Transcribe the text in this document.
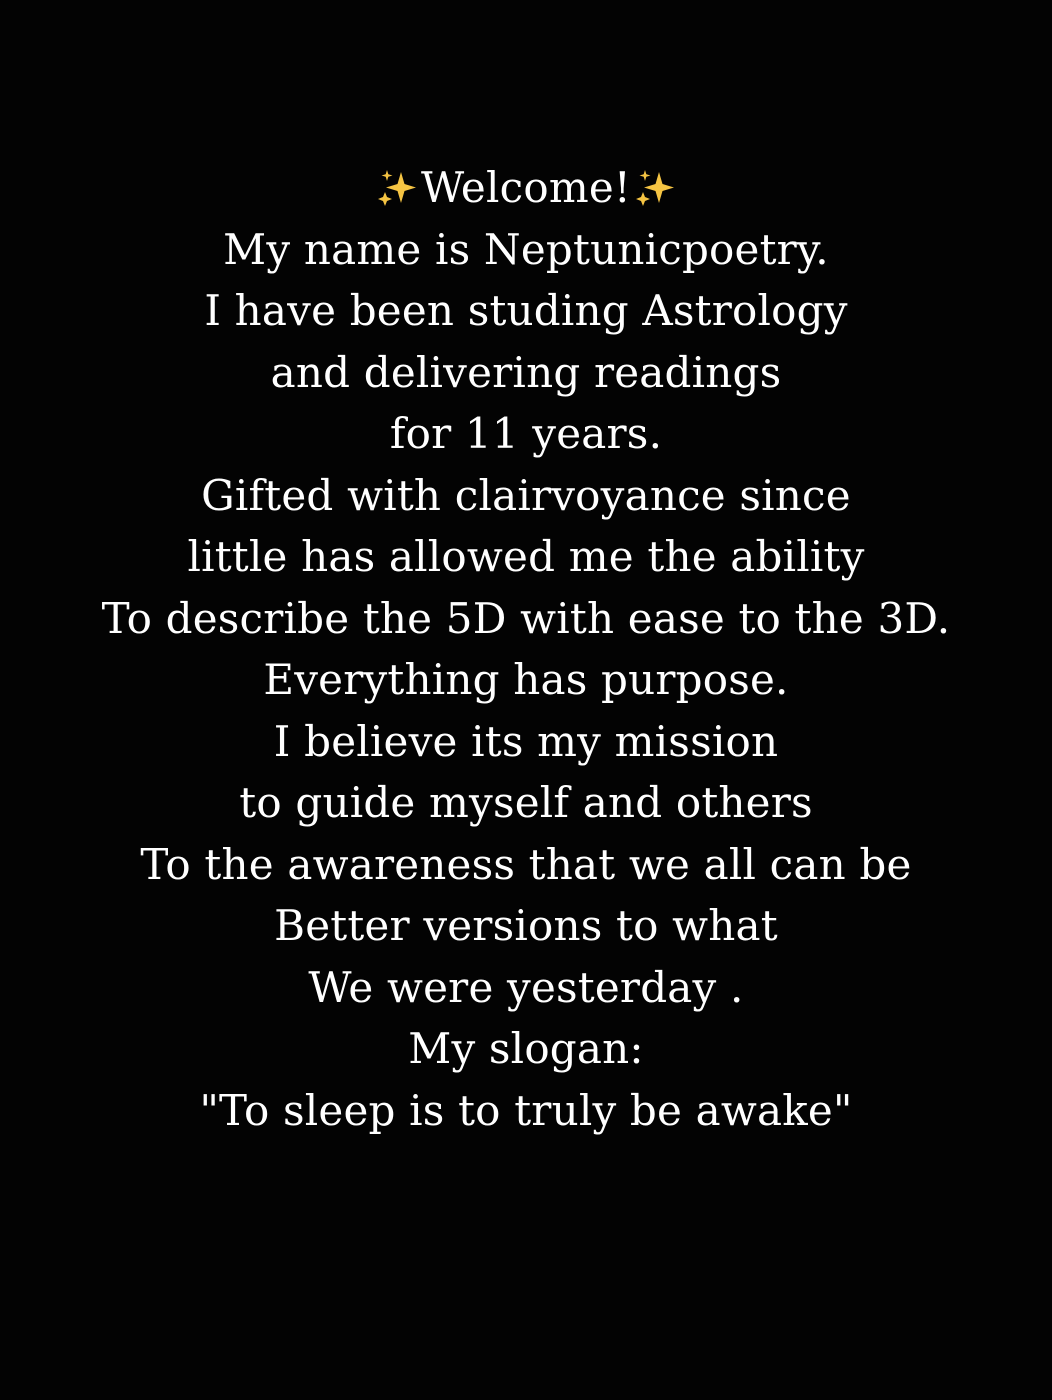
Welcome!
My name is Neptunicpoetry.
I have been studing Astrology
and delivering readings
for 11 years.
Gifted with clairvoyance since
little has allowed me the ability
To describe the 5D with ease to the 3D.
Everything has purpose.
I believe its my mission
to guide myself and others
To the awareness that we all can be
Better versions to what
We were yesterday .
My slogan:
"To sleep is to truly be awake"
